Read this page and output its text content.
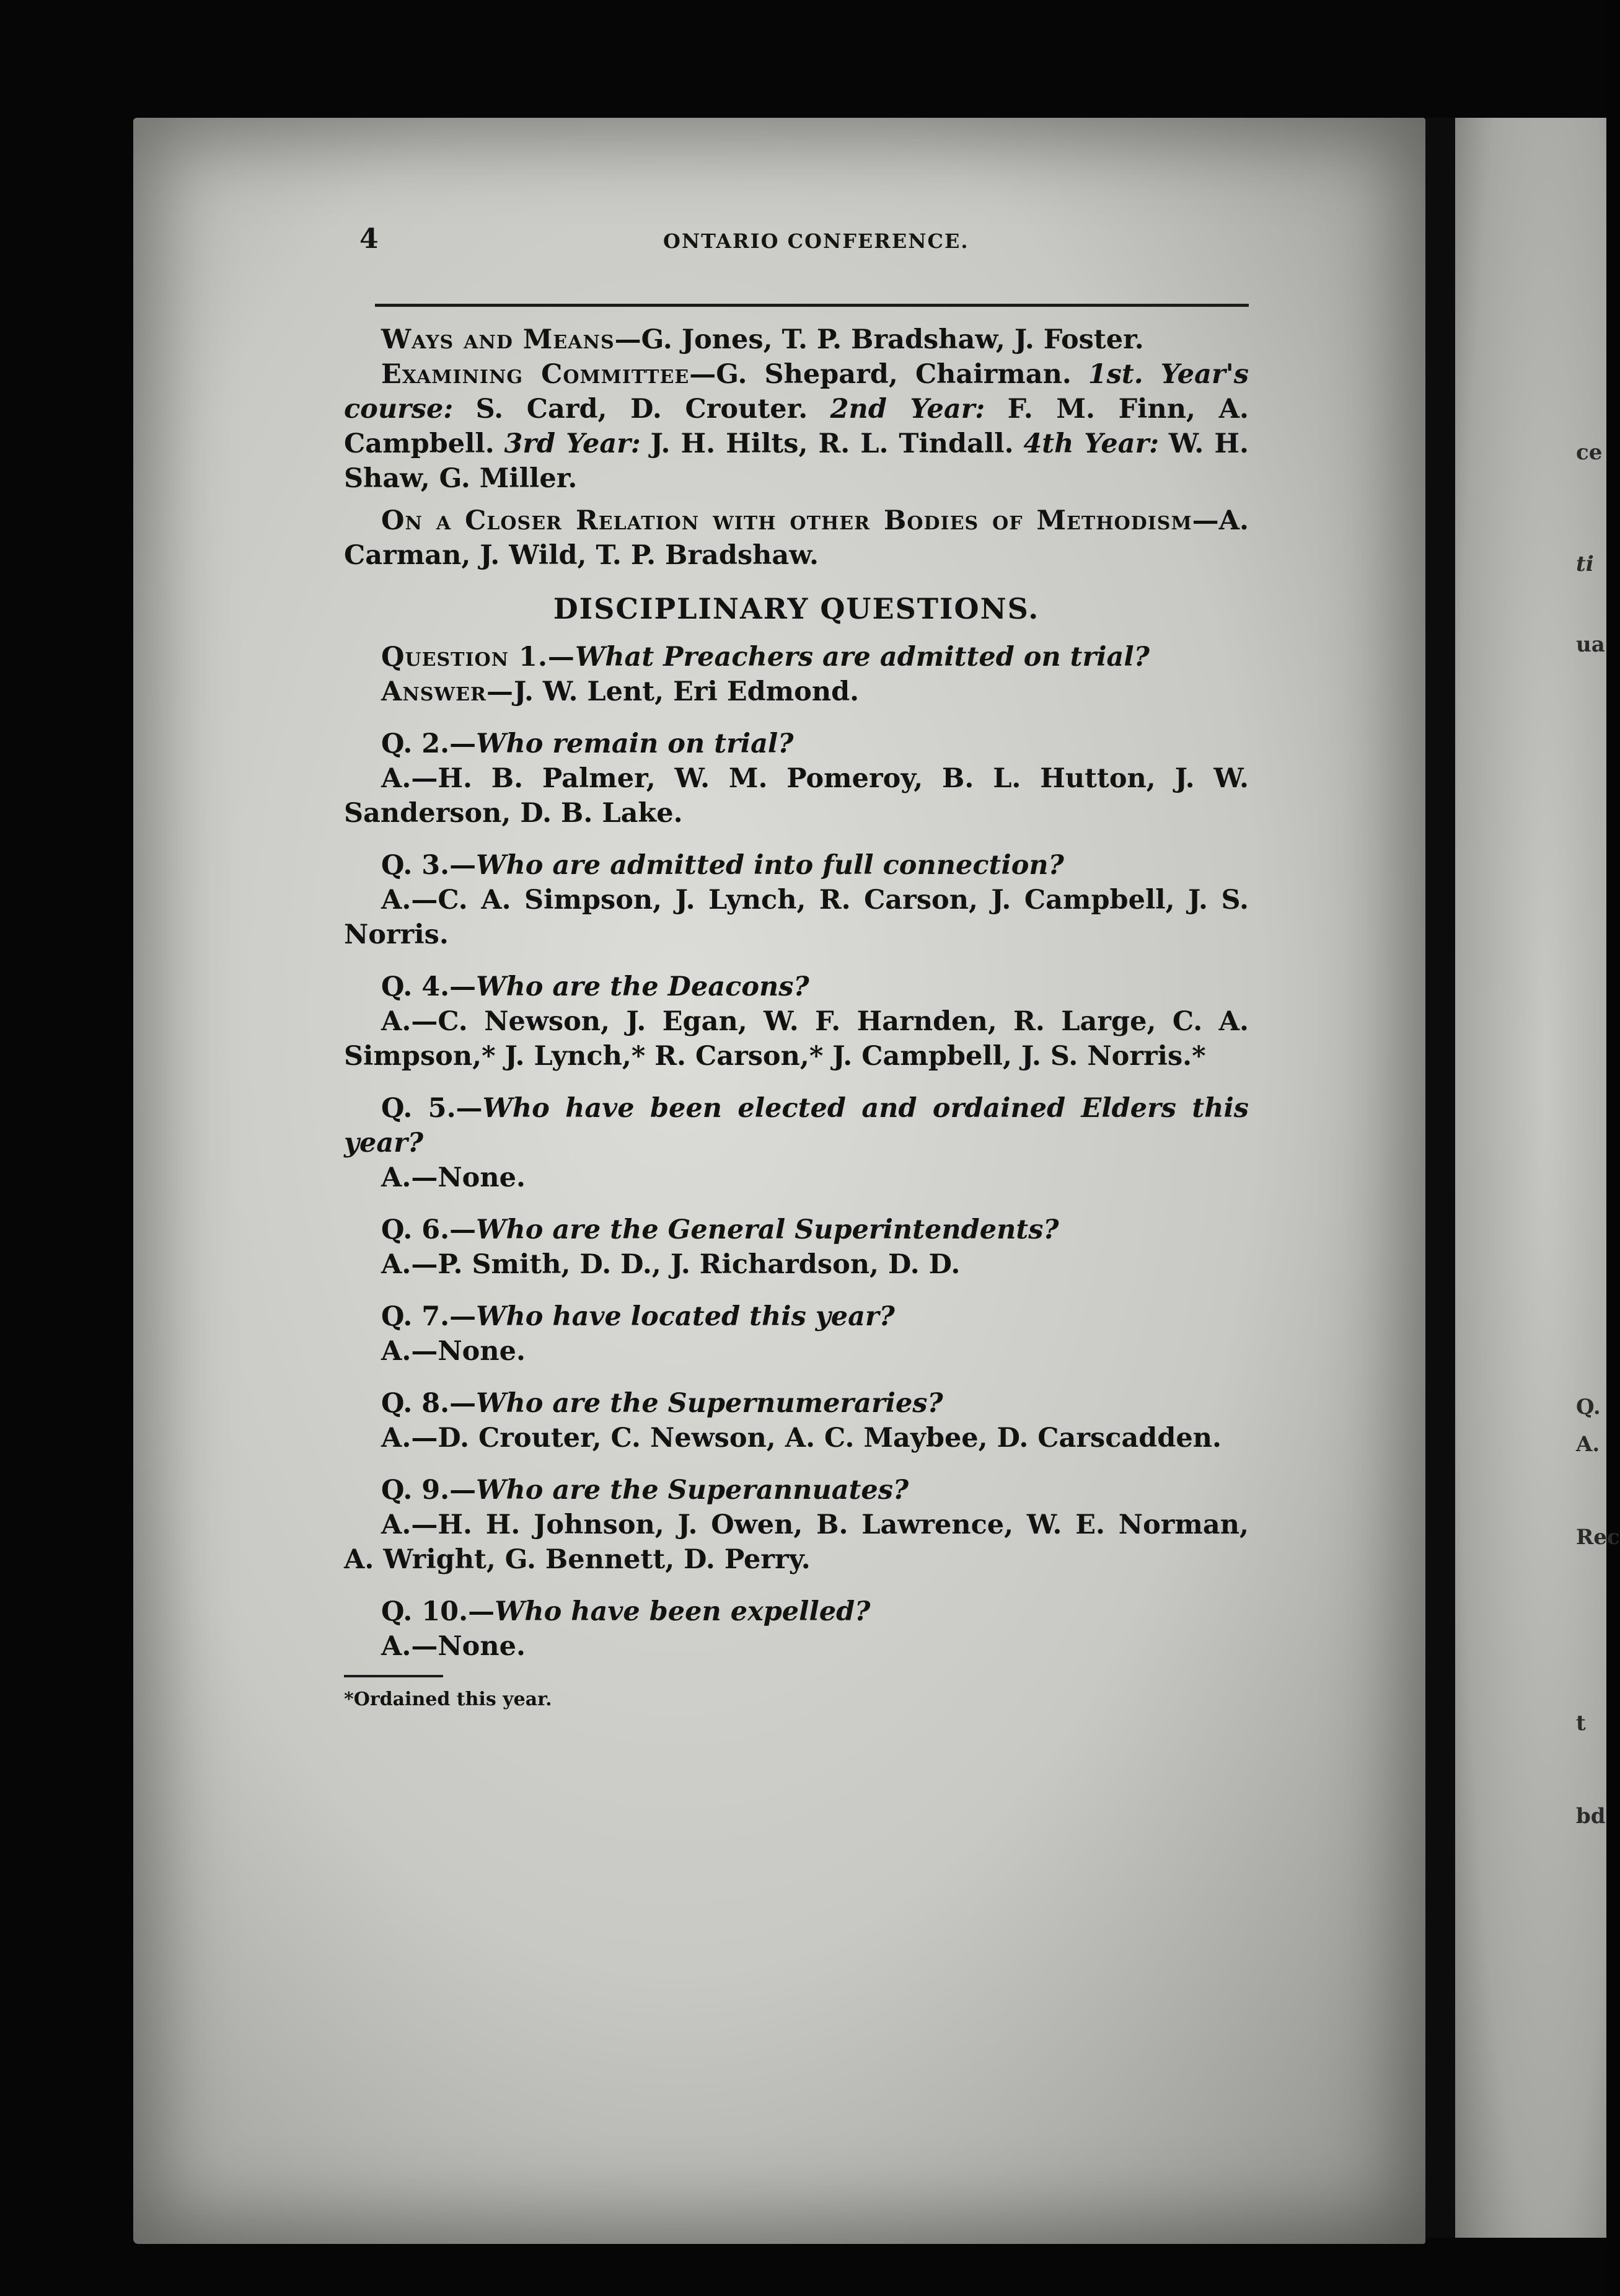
ce
ti
ua
Q.
A.
Rec
t
bd

4	ONTARIO CONFERENCE.

Ways and Means—G. Jones, T. P. Bradshaw, J. Foster.

Examining Committee—G. Shepard, Chairman. 1st. Year's course: S. Card, D. Crouter. 2nd Year: F. M. Finn, A. Campbell. 3rd Year: J. H. Hilts, R. L. Tindall. 4th Year: W. H. Shaw, G. Miller.

On a Closer Relation with other Bodies of Methodism—A. Carman, J. Wild, T. P. Bradshaw.

DISCIPLINARY QUESTIONS.

Question 1.—What Preachers are admitted on trial?

Answer—J. W. Lent, Eri Edmond.

Q. 2.—Who remain on trial?

A.—H. B. Palmer, W. M. Pomeroy, B. L. Hutton, J. W. Sanderson, D. B. Lake.

Q. 3.—Who are admitted into full connection?

A.—C. A. Simpson, J. Lynch, R. Carson, J. Campbell, J. S. Norris.

Q. 4.—Who are the Deacons?

A.—C. Newson, J. Egan, W. F. Harnden, R. Large, C. A. Simpson,* J. Lynch,* R. Carson,* J. Campbell, J. S. Norris.*

Q. 5.—Who have been elected and ordained Elders this year?

A.—None.

Q. 6.—Who are the General Superintendents?

A.—P. Smith, D. D., J. Richardson, D. D.

Q. 7.—Who have located this year?

A.—None.

Q. 8.—Who are the Supernumeraries?

A.—D. Crouter, C. Newson, A. C. Maybee, D. Carscadden.

Q. 9.—Who are the Superannuates?

A.—H. H. Johnson, J. Owen, B. Lawrence, W. E. Norman, A. Wright, G. Bennett, D. Perry.

Q. 10.—Who have been expelled?

A.—None.

*Ordained this year.
